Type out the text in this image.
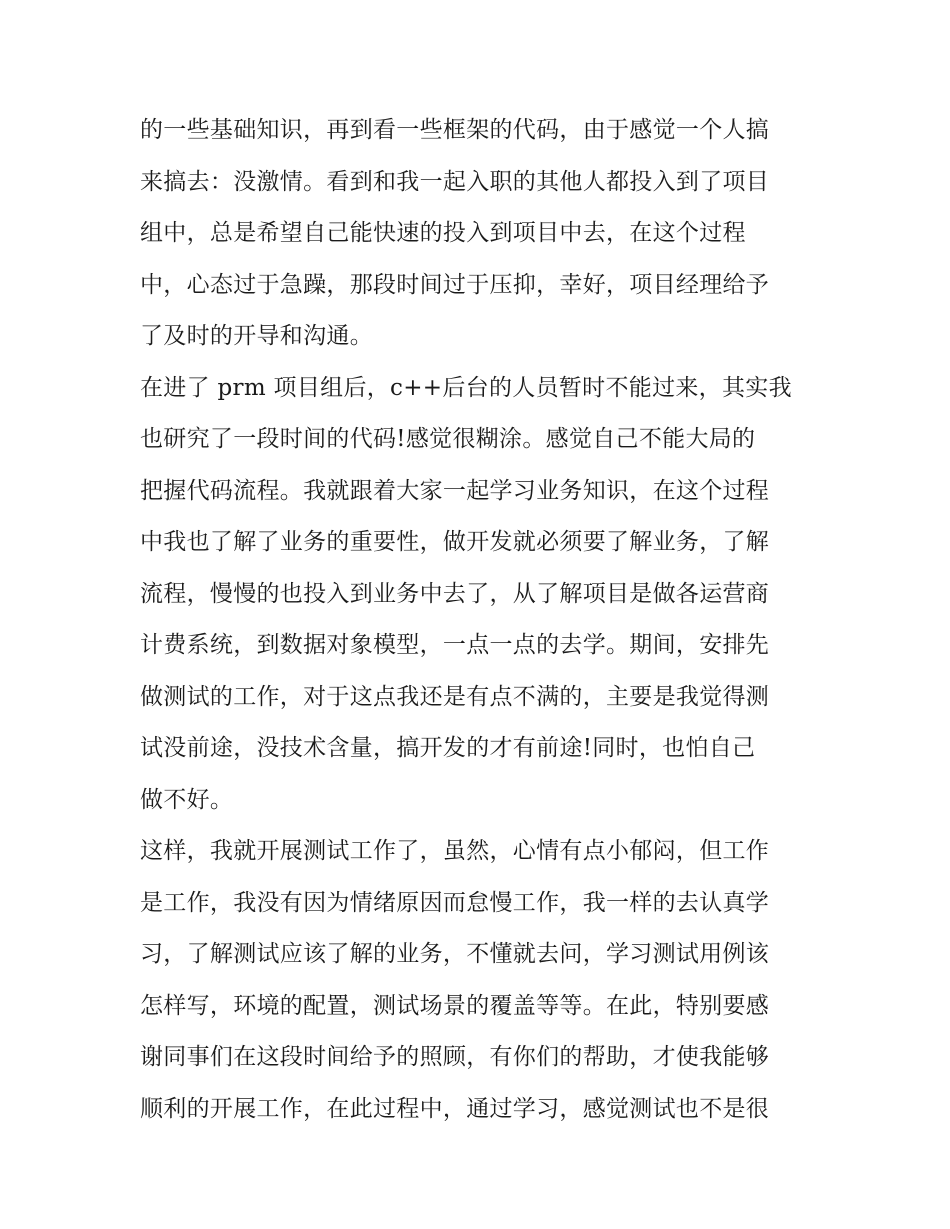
的一些基础知识，再到看一些框架的代码，由于感觉一个人搞
来搞去：没激情。看到和我一起入职的其他人都投入到了项目
组中，总是希望自己能快速的投入到项目中去，在这个过程
中，心态过于急躁，那段时间过于压抑，幸好，项目经理给予
了及时的开导和沟通。
在进了 prm 项目组后，c++后台的人员暂时不能过来，其实我
也研究了一段时间的代码!感觉很糊涂。感觉自己不能大局的
把握代码流程。我就跟着大家一起学习业务知识，在这个过程
中我也了解了业务的重要性，做开发就必须要了解业务，了解
流程，慢慢的也投入到业务中去了，从了解项目是做各运营商
计费系统，到数据对象模型，一点一点的去学。期间，安排先
做测试的工作，对于这点我还是有点不满的，主要是我觉得测
试没前途，没技术含量，搞开发的才有前途!同时，也怕自己
做不好。
这样，我就开展测试工作了，虽然，心情有点小郁闷，但工作
是工作，我没有因为情绪原因而怠慢工作，我一样的去认真学
习，了解测试应该了解的业务，不懂就去问，学习测试用例该
怎样写，环境的配置，测试场景的覆盖等等。在此，特别要感
谢同事们在这段时间给予的照顾，有你们的帮助，才使我能够
顺利的开展工作，在此过程中，通过学习，感觉测试也不是很
